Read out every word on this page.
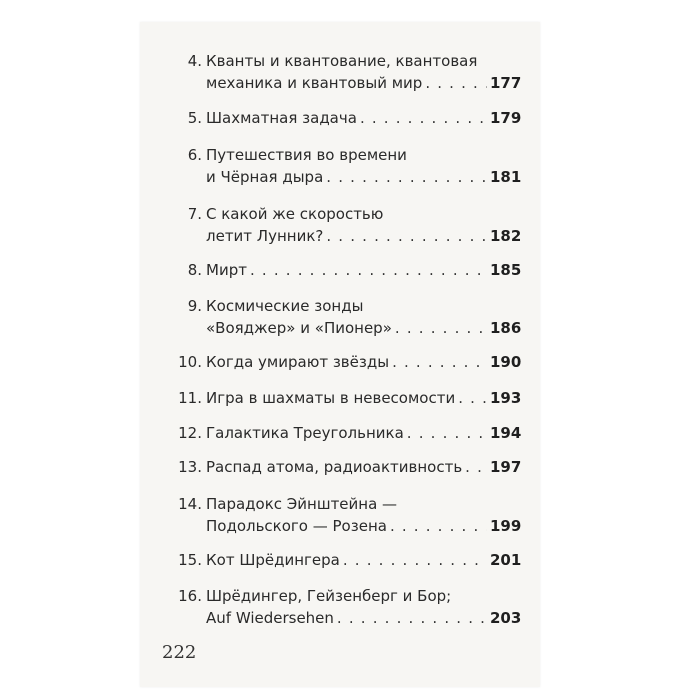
4. Кванты и квантование, квантовая
механика и квантовый мир . . .	177
5. Шахматная задача . . .	179
6. Путешествия во времени
и Чёрная дыра . . .	181
7. С какой же скоростью
летит Лунник? . . .	182
8. Мирт . . .	185
9. Космические зонды
«Вояджер» и «Пионер» . . .	186
10. Когда умирают звёзды . . .	190
11. Игра в шахматы в невесомости . . . 193
12. Галактика Треугольника . . .	194
13. Распад атома, радиоактивность . . . 197
14. Парадокс Эйнштейна —
Подольского — Розена . . .	199
15. Кот Шрёдингера . . .	201
16. Шрёдингер, Гейзенберг и Бор;
Auf Wiedersehen . . .	203
222
